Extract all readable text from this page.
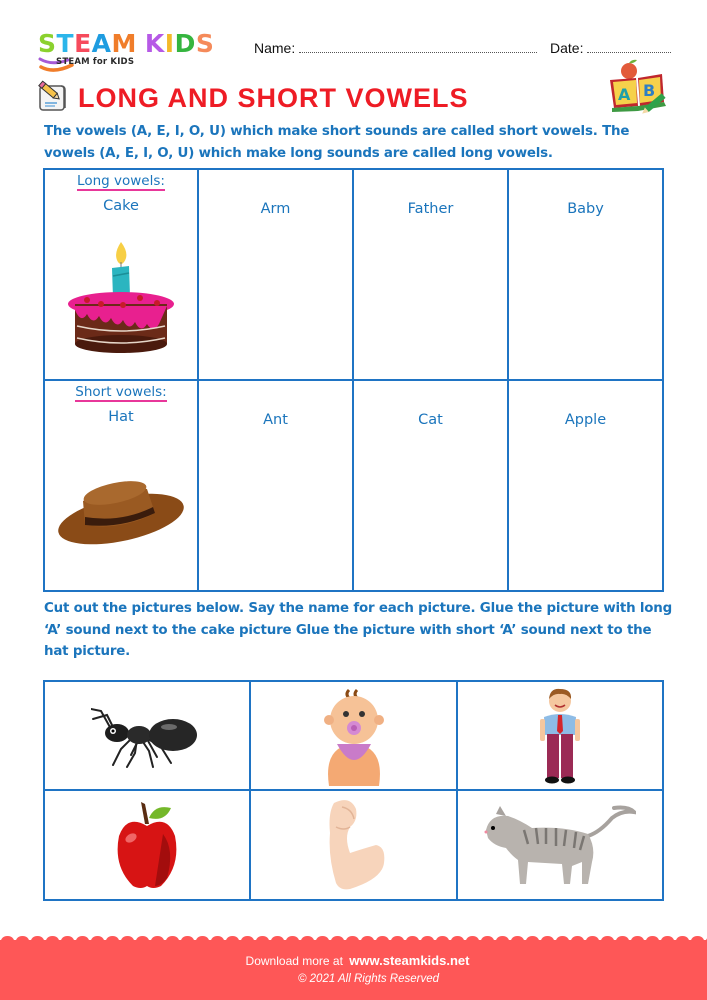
STEAM KIDS
STEAM for KIDS
Name:	Date:
LONG AND SHORT VOWELS	A B
The vowels (A, E, I, O, U) which make short sounds are called short vowels. The vowels (A, E, I, O, U) which make long sounds are called long vowels.
Long vowels:
Cake	Arm	Father	Baby
Short vowels:
Hat	Ant	Cat	Apple
Cut out the pictures below. Say the name for each picture. Glue the picture with long ‘A’ sound next to the cake picture Glue the picture with short ‘A’ sound next to the hat picture.
Download more at www.steamkids.net
© 2021 All Rights Reserved
